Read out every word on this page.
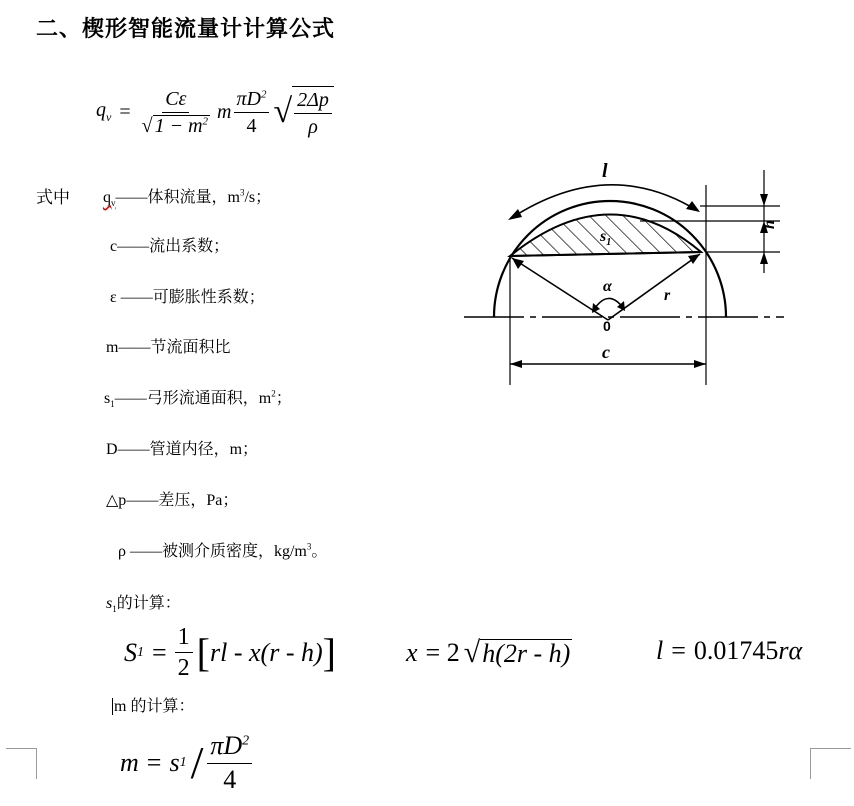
二、楔形智能流量计计算公式
$q_v = \frac{C\varepsilon}{√ 1 - m^2}$ m $\frac{\pi D^2}{4}$ √ $\frac{2\Delta p}{\rho}$
式中 $q_v——$体积流量，$m^3/s$；
c——流出系数；
ε ——可膨胀性系数；
m——节流面积比
$s_1——$弓形流通面积，$m^2$；
D——管道内径，m；
△p——差压，Pa；
ρ ——被测介质密度，$kg/m^3$。
$s_1$的计算：
S $1 = \frac{1}{2}$ [ rl - x(r - h) ]	x = 2 √ h(2r - h)	l = 0.01745 rα
m 的计算：
m = s $1 / \frac{\pi D^2}{4}$
l
h
$s_1$
α
r
0
c
